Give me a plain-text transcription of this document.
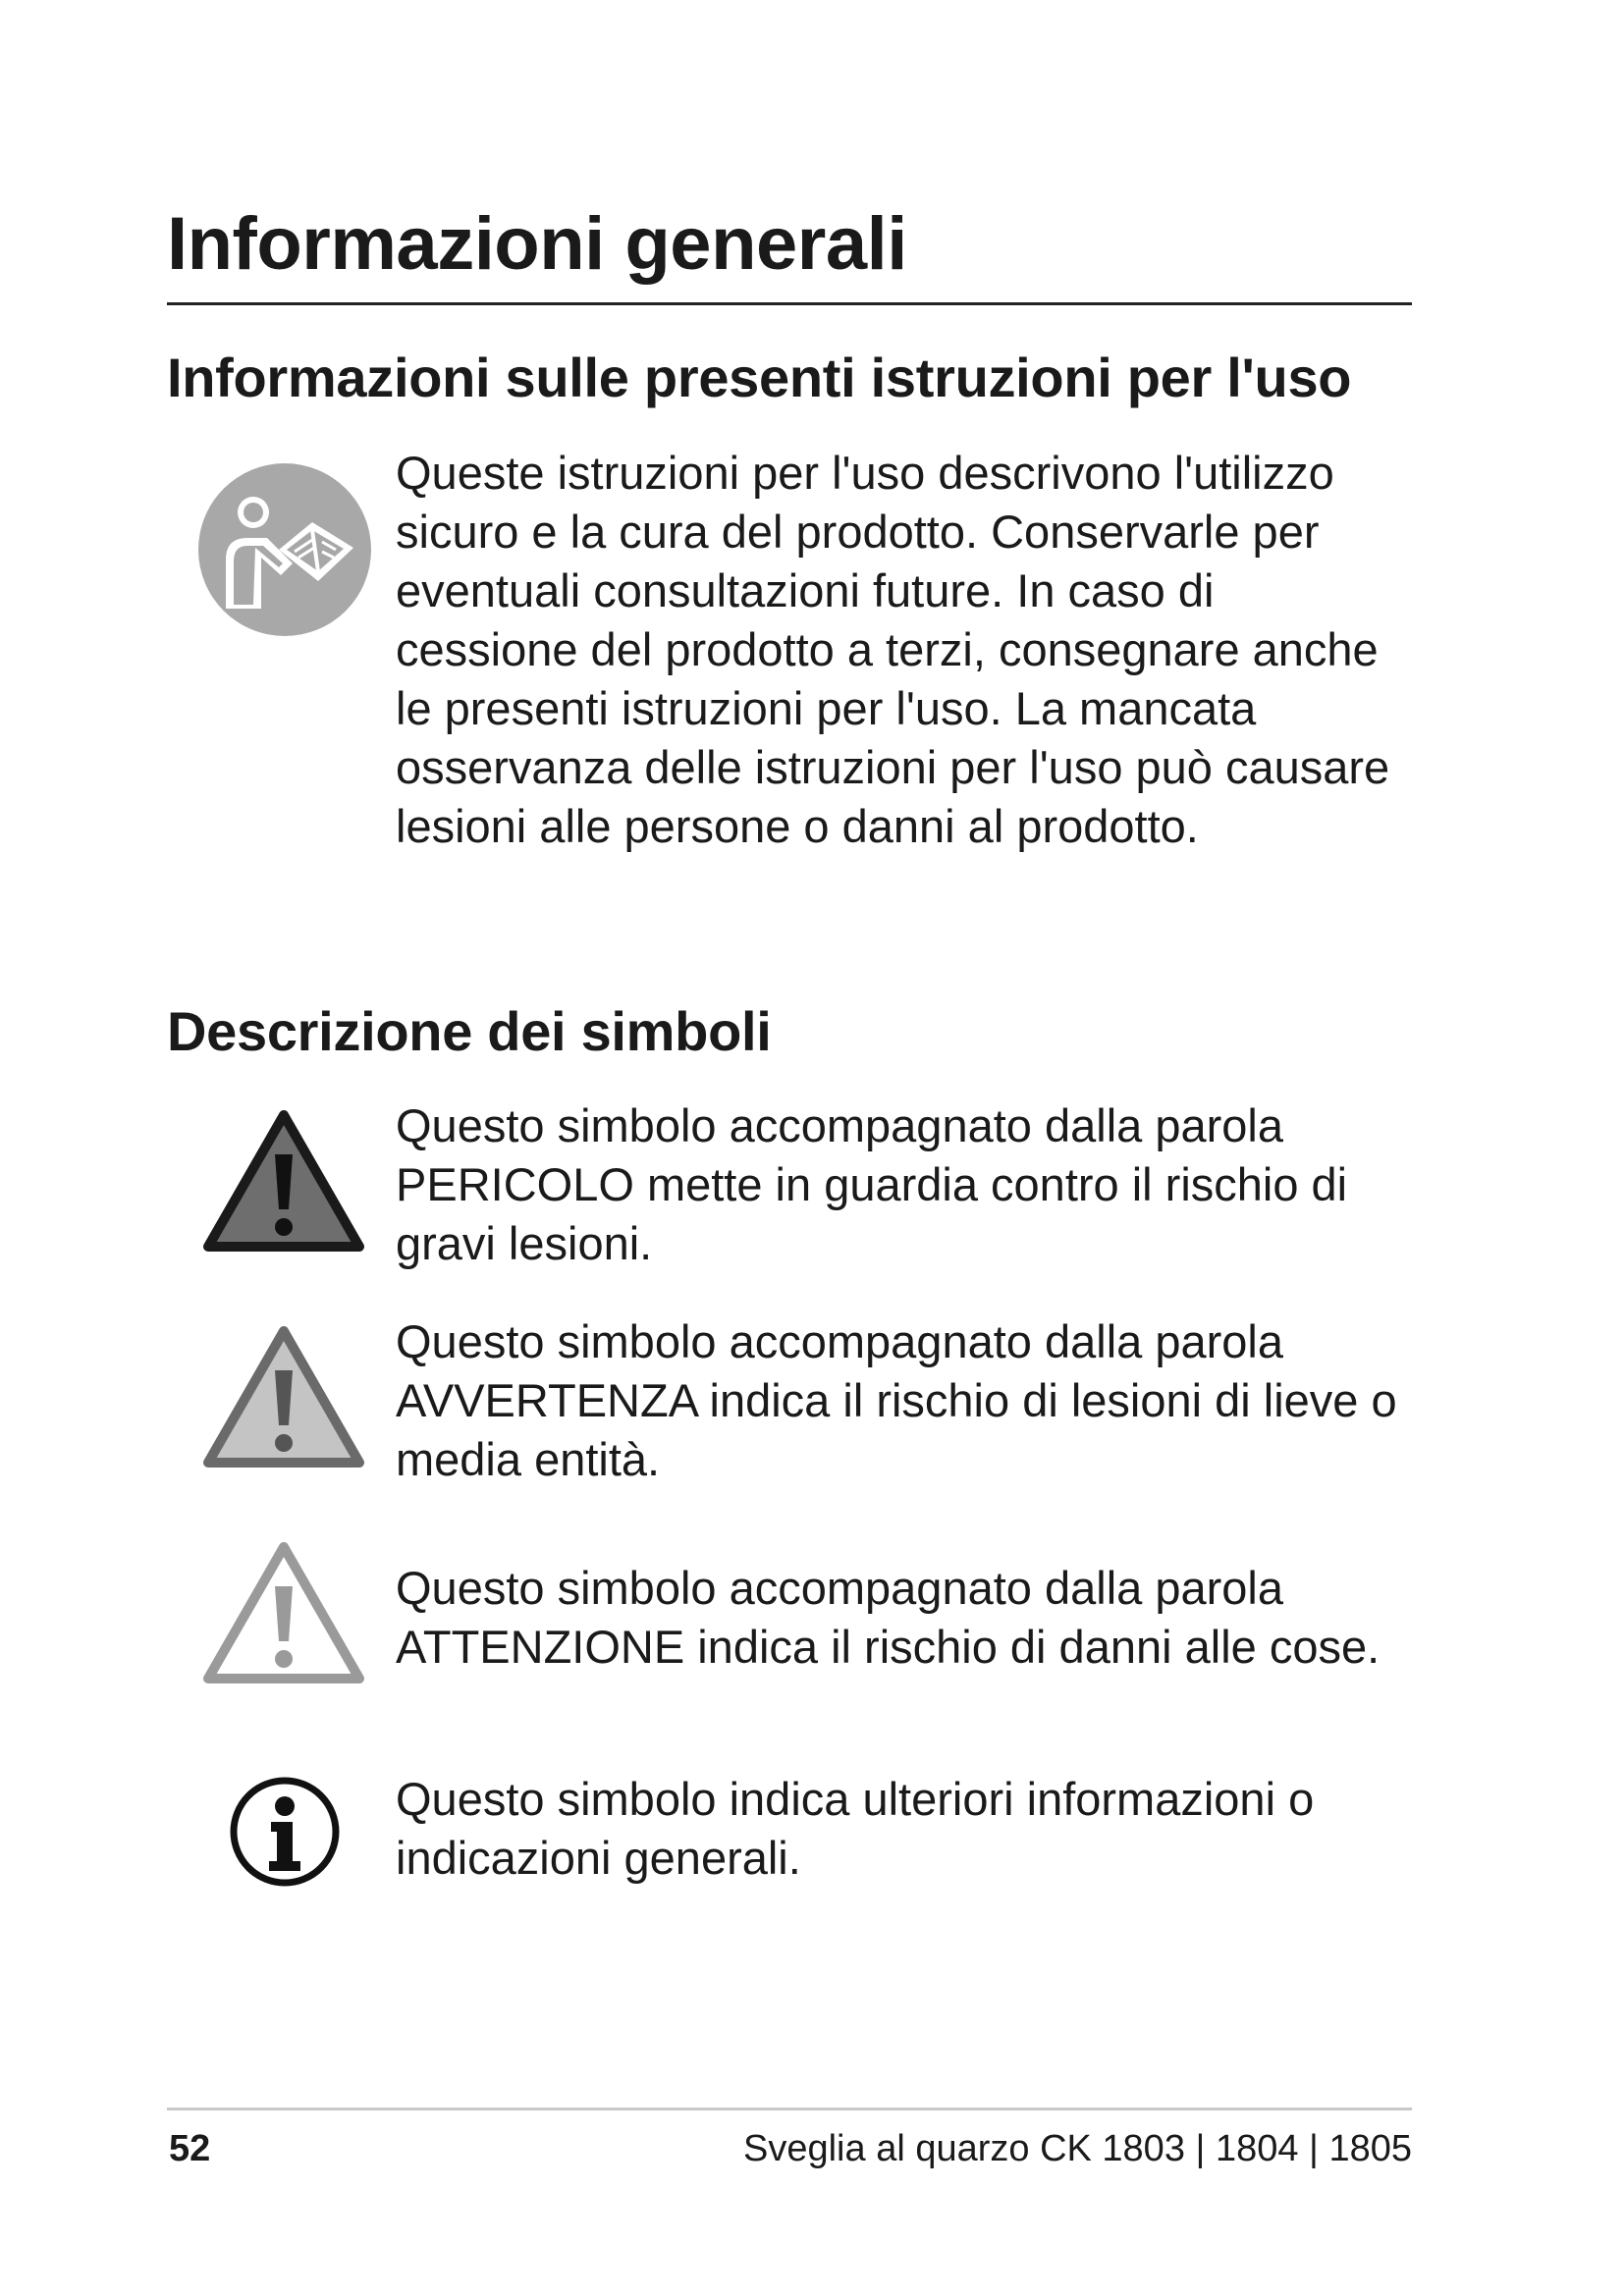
Informazioni generali
Informazioni sulle presenti istruzioni per l'uso

Queste istruzioni per l'uso descrivono l'utilizzo sicuro e la cura del prodotto. Conservarle per eventuali consultazioni future. In caso di cessione del prodotto a terzi, consegnare anche le presenti istruzioni per l'uso. La mancata osservanza delle istruzioni per l'uso può causare lesioni alle persone o danni al prodotto.

Descrizione dei simboli

Questo simbolo accompagnato dalla parola PERICOLO mette in guardia contro il rischio di gravi lesioni.

Questo simbolo accompagnato dalla parola AVVERTENZA indica il rischio di lesioni di lieve o media entità.

Questo simbolo accompagnato dalla parola ATTENZIONE indica il rischio di danni alle cose.

Questo simbolo indica ulteriori informazioni o indicazioni generali.

52	Sveglia al quarzo CK 1803 | 1804 | 1805
